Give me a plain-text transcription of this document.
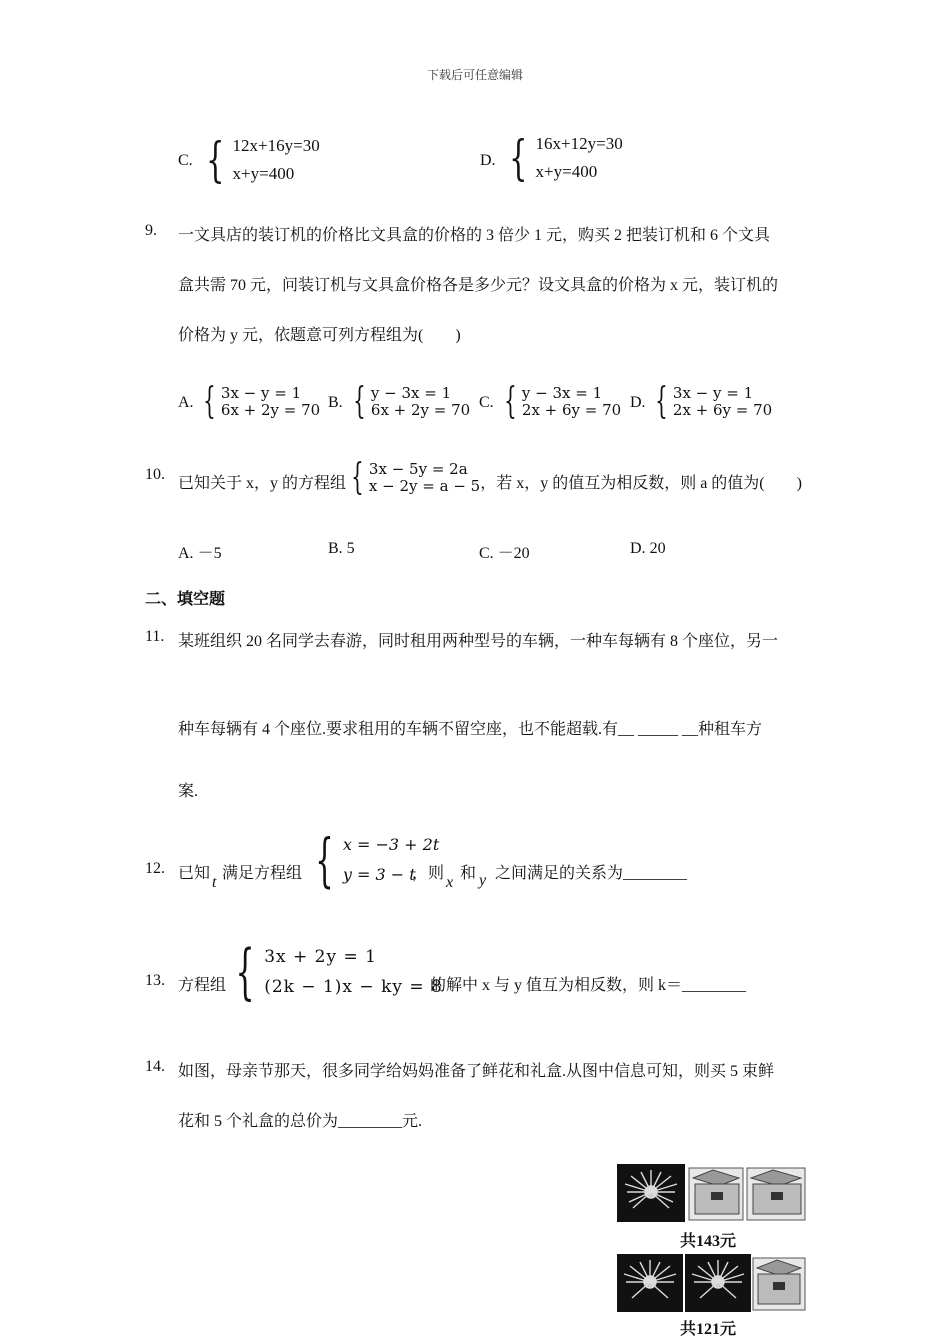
下载后可任意编辑
C. { 12x+16y=30
x+y=400
D. { 16x+12y=30
x+y=400
9. 一文具店的装订机的价格比文具盒的价格的 3 倍少 1 元，购买 2 把装订机和 6 个文具
盒共需 70 元，问装订机与文具盒价格各是多少元？设文具盒的价格为 x 元，装订机的
价格为 y 元，依题意可列方程组为(　　)
A. { 3x − y = 1
6x + 2y = 70 B. { y − 3x = 1
6x + 2y = 70 C. { y − 3x = 1
2x + 6y = 70 D. { 3x − y = 1
2x + 6y = 70
10. 已知关于 x，y 的方程组 { 3x − 5y = 2a
x − 2y = a − 5 ，若 x，y 的值互为相反数，则 a 的值为(　　)
A. －5	B. 5	C. －20	D. 20
二、填空题
11. 某班组织 20 名同学去春游，同时租用两种型号的车辆，一种车每辆有 8 个座位，另一
种车每辆有 4 个座位.要求租用的车辆不留空座，也不能超载.有__ _____ __种租车方
案.
12. 已知
t
满足方程组 { x = −3 + 2t
y = 3 − t
，则
x
和 y 之间满足的关系为________
13. 方程组 { 3x + 2y = 1
(2k − 1)x − ky = 8
的解中 x 与 y 值互为相反数，则 k＝________
14. 如图，母亲节那天，很多同学给妈妈准备了鲜花和礼盒.从图中信息可知，则买 5 束鲜
花和 5 个礼盒的总价为________元.
共143元
共121元
